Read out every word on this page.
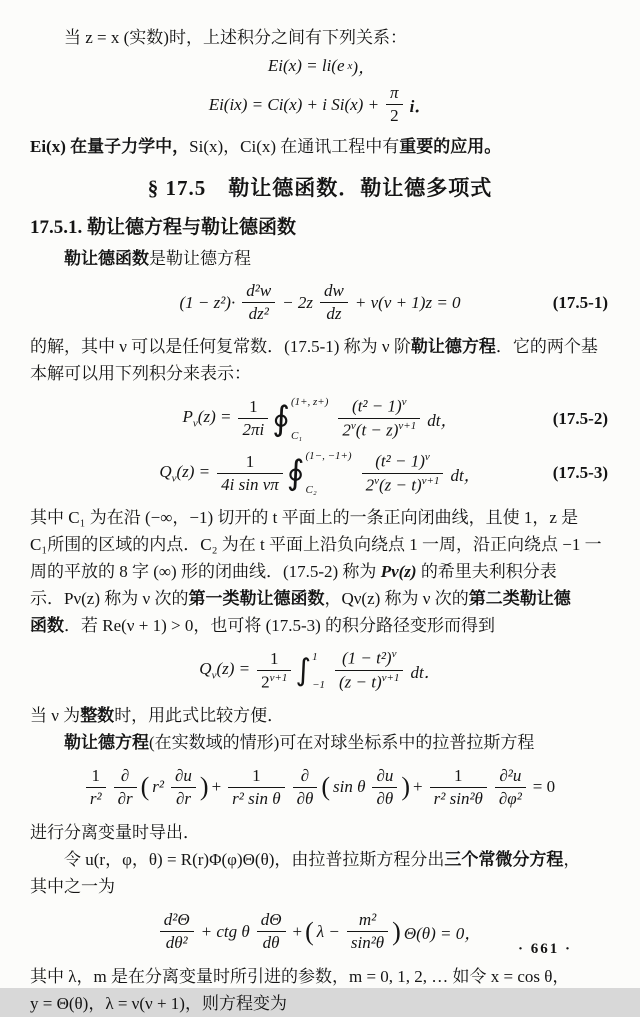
当 z = x (实数)时，上述积分之间有下列关系：

Ei(x) = li(e x )，
Ei(ix) = Ci(x) + i $Si(x) + \frac{\pi}{2}$ i．

Ei(x) 在量子力学中，Si(x)，Ci(x) 在通讯工程中有重要的应用。

§ 17.5　勒让德函数．勒让德多项式
17.5.1. 勒让德方程与勒让德函数

勒让德函数是勒让德方程

$(1 - z^2)\cdot \frac{\text{d²w}}{\text{dz²}} - 2z \frac{dw}{dz} + \nu(\nu + 1)z = 0$	(17.5-1)

的解，其中 ν 可以是任何复常数．(17.5-1) 称为 ν 阶勒让德方程．它的两个基

本解可以用下列积分来表示：

$P_\nu(z) = \frac{1}{2\pi i}$ ∮ (1+, z+)
C₁	$\frac{(t^2 - 1)^\nu}{2^\nu(t - z)^{\nu+1}}$ dt，	(17.5-2)
$Q_\nu(z) = \frac{1}{\text{4i sin νπ}}$ ∮ (1−, −1+)
C₂	$\frac{(t^2 - 1)^\nu}{2^\nu(z - t)^{\nu+1}}$ dt，	(17.5-3)

其中 C₁ 为在沿 (−∞，−1) 切开的 t 平面上的一条正向闭曲线，且使 1，z 是

C₁所围的区域的内点．C₂ 为在 t 平面上沿负向绕点 1 一周，沿正向绕点 −1 一

周的平放的 8 字 (∞) 形的闭曲线．(17.5-2) 称为 Pν(z) 的希里夫利积分表

示．Pν(z) 称为 ν 次的第一类勒让德函数，Qν(z) 称为 ν 次的第二类勒让德

函数．若 Re(ν + 1) > 0，也可将 (17.5-3) 的积分路径变形而得到

$Q_\nu(z) = \frac{1}{2^{\nu+1}}$ ∫ 1
$-1 \frac{(1 - t^2)^\nu}{(z - t)^{\nu+1}}$ dt．

当 ν 为整数时，用此式比较方便．

勒让德方程(在实数域的情形)可在对球坐标系中的拉普拉斯方程

$\frac{1}{\text{r²}} \frac{\partial}{\partial r}$ ( $r^2 \frac{\partial u}{\partial r}$ ) + $\frac{1}{\text{r² sin θ}} \frac{\partial}{\partial\theta}$ ( sin θ $\frac{\partial u}{\partial\theta}$ ) + $\frac{1}{\text{r² sin²θ}} \frac{\text{∂²u}}{\text{∂φ²}} = 0$

进行分离变量时导出．

令 u(r，φ，θ) = R(r)Φ(φ)Θ(θ)，由拉普拉斯方程分出三个常微分方程，

其中之一为

$\frac{\text{d²Θ}}{\text{dθ²}}$ + ctg θ $\frac{d\Theta}{d\theta}$ + ( $\lambda - \frac{\text{m²}}{\text{sin²θ}}$ ) Θ(θ) = 0，

其中 λ，m 是在分离变量时所引进的参数，m = 0, 1, 2, … 如令 x = cos θ，

y = Θ(θ)，λ = ν(ν + 1)，则方程变为

· 661 ·
